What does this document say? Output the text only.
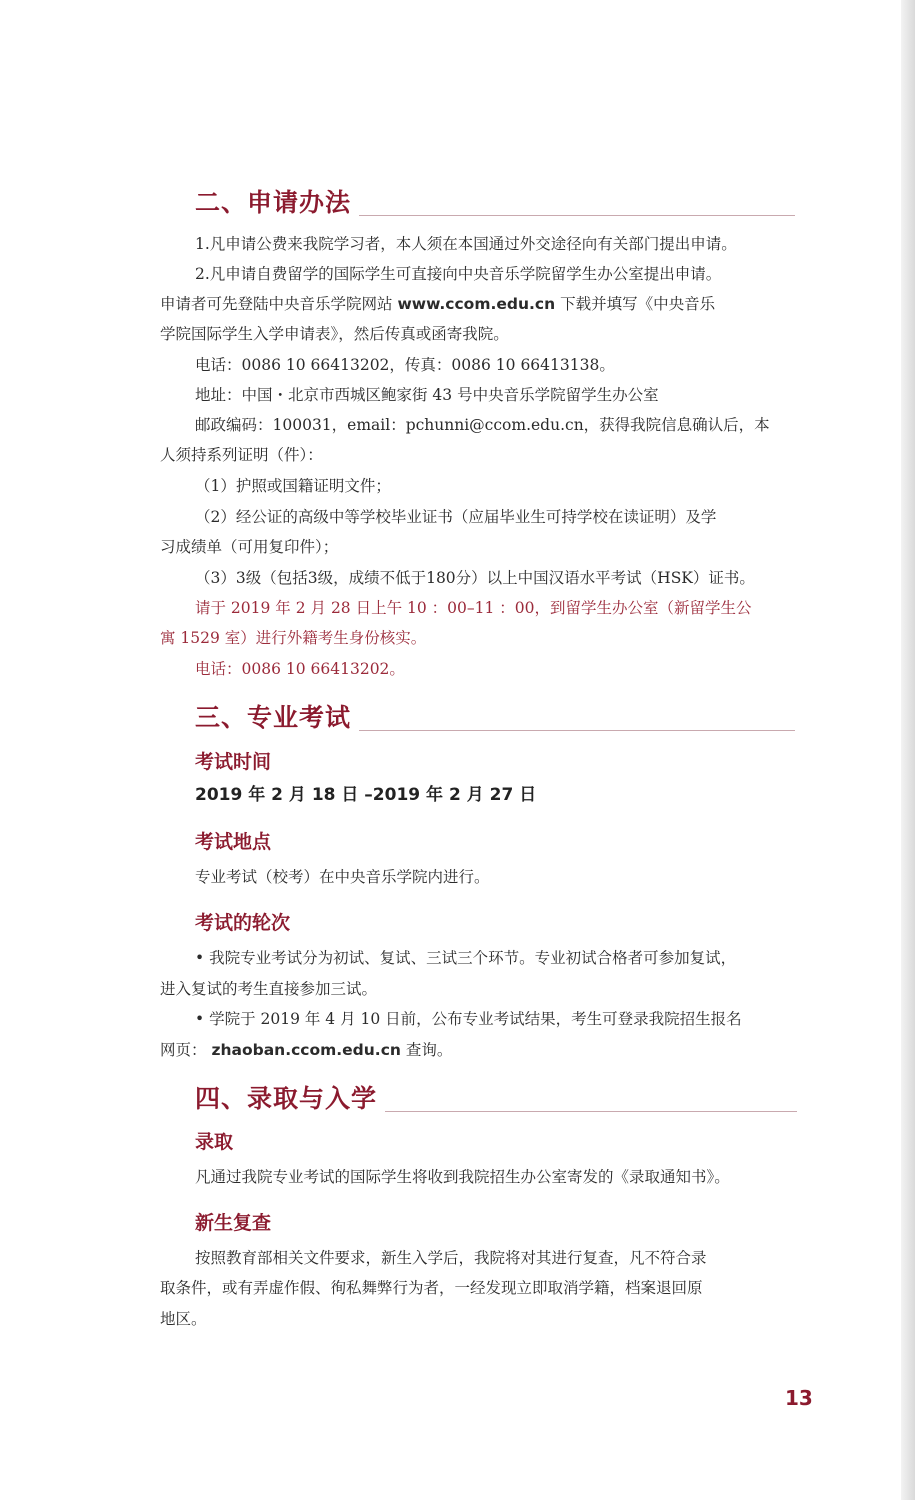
二、申请办法
1.凡申请公费来我院学习者，本人须在本国通过外交途径向有关部门提出申请。
2.凡申请自费留学的国际学生可直接向中央音乐学院留学生办公室提出申请。
申请者可先登陆中央音乐学院网站 www.ccom.edu.cn 下载并填写《中央音乐
学院国际学生入学申请表》，然后传真或函寄我院。
电话：0086 10 66413202，传真：0086 10 66413138。
地址：中国・北京市西城区鲍家街 43 号中央音乐学院留学生办公室
邮政编码：100031，email：pchunni@ccom.edu.cn，获得我院信息确认后，本
人须持系列证明（件）：
（1）护照或国籍证明文件；
（2）经公证的高级中等学校毕业证书（应届毕业生可持学校在读证明）及学
习成绩单（可用复印件）；
（3）3级（包括3级，成绩不低于180分）以上中国汉语水平考试（HSK）证书。
请于 2019 年 2 月 28 日上午 10 ：00–11 ：00，到留学生办公室（新留学生公
寓 1529 室）进行外籍考生身份核实。
电话：0086 10 66413202。
三、专业考试
考试时间
2019 年 2 月 18 日 –2019 年 2 月 27 日
考试地点
专业考试（校考）在中央音乐学院内进行。
考试的轮次
• 我院专业考试分为初试、复试、三试三个环节。专业初试合格者可参加复试，
进入复试的考生直接参加三试。
• 学院于 2019 年 4 月 10 日前，公布专业考试结果，考生可登录我院招生报名
网页： zhaoban.ccom.edu.cn 查询。
四、录取与入学
录取
凡通过我院专业考试的国际学生将收到我院招生办公室寄发的《录取通知书》。
新生复查
按照教育部相关文件要求，新生入学后，我院将对其进行复查，凡不符合录
取条件，或有弄虚作假、徇私舞弊行为者，一经发现立即取消学籍，档案退回原
地区。
13
